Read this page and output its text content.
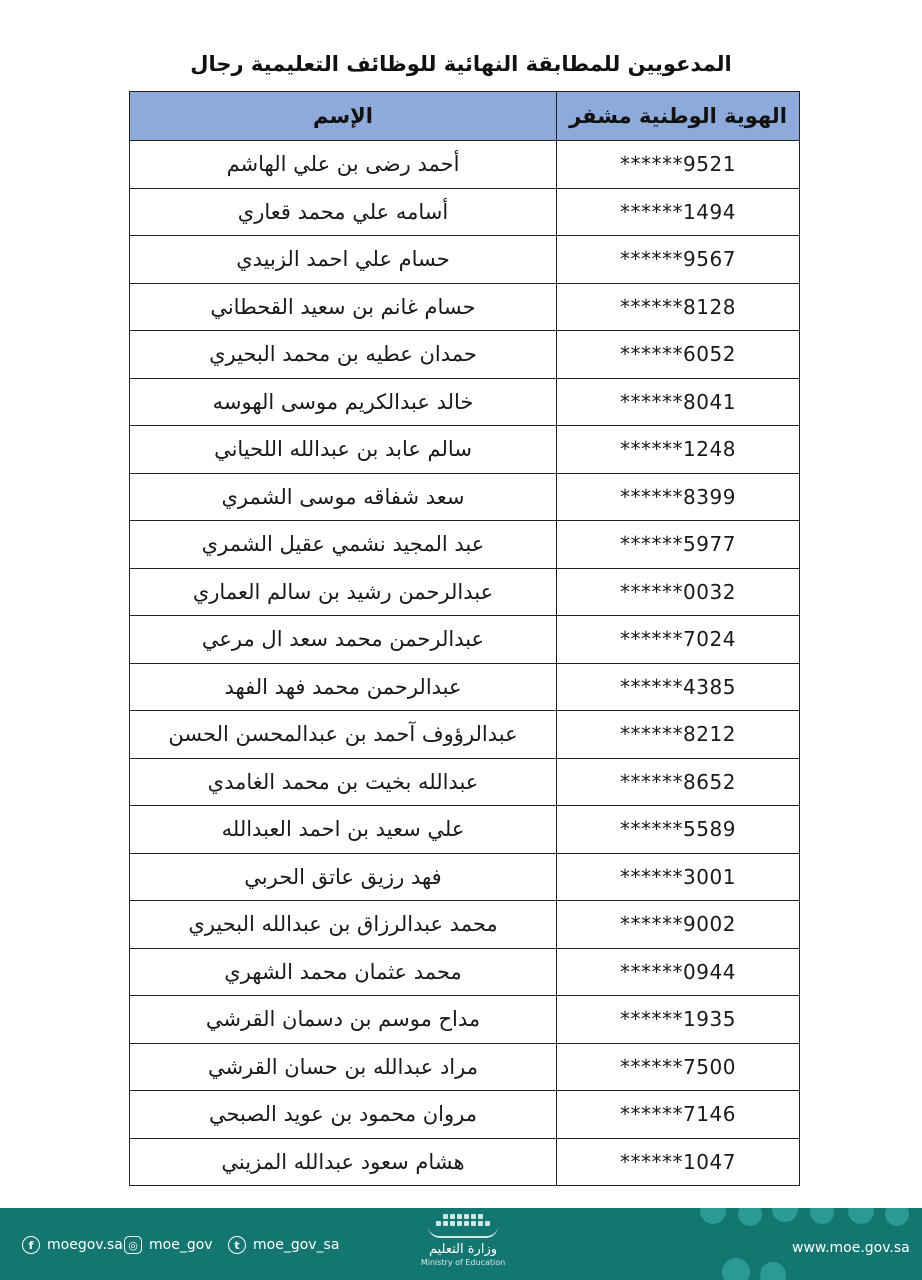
المدعويين للمطابقة النهائية للوظائف التعليمية رجال
الإسم	الهوية الوطنية مشفر
أحمد رضى بن علي الهاشم	******9521
أسامه علي محمد قعاري	******1494
حسام علي احمد الزبيدي	******9567
حسام غانم بن سعيد القحطاني	******8128
حمدان عطيه بن محمد البحيري	******6052
خالد عبدالكريم موسى الهوسه	******8041
سالم عابد بن عبدالله اللحياني	******1248
سعد شفاقه موسى الشمري	******8399
عبد المجيد نشمي عقيل الشمري	******5977
عبدالرحمن رشيد بن سالم العماري	******0032
عبدالرحمن محمد سعد ال مرعي	******7024
عبدالرحمن محمد فهد الفهد	******4385
عبدالرؤوف آحمد بن عبدالمحسن الحسن	******8212
عبدالله بخيت بن محمد الغامدي	******8652
علي سعيد بن احمد العبدالله	******5589
فهد رزيق عاتق الحربي	******3001
محمد عبدالرزاق بن عبدالله البحيري	******9002
محمد عثمان محمد الشهري	******0944
مداح موسم بن دسمان القرشي	******1935
مراد عبدالله بن حسان القرشي	******7500
مروان محمود بن عويد الصبحي	******7146
هشام سعود عبدالله المزيني	******1047
f moegov.sa ◎ moe_gov	t moe_gov_sa	وزارة التعليم
Ministry of Education
www.moe.gov.sa
